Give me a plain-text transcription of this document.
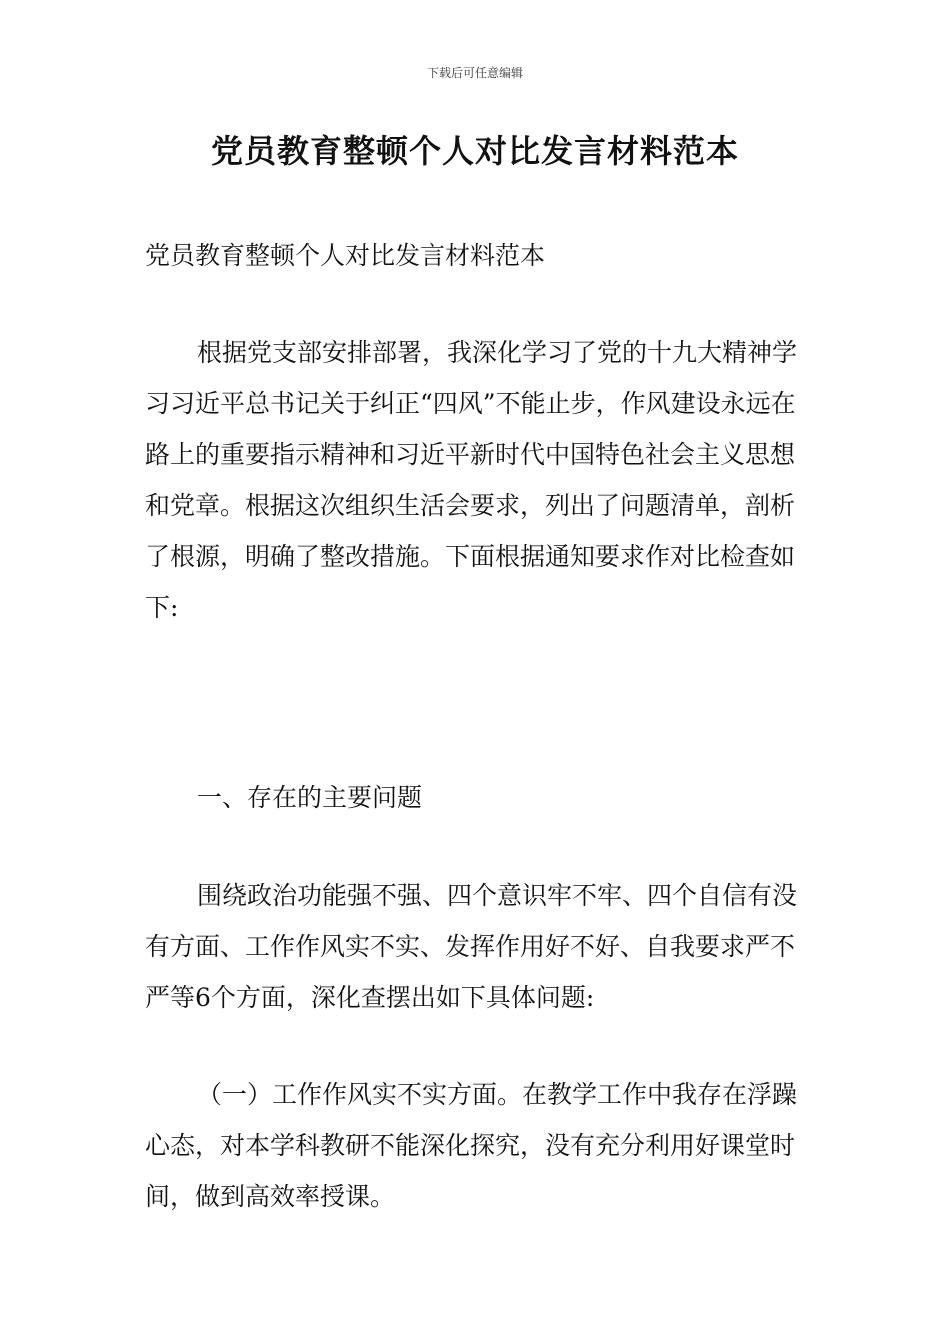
下载后可任意编辑
党员教育整顿个人对比发言材料范本
党员教育整顿个人对比发言材料范本
根据党支部安排部署，我深化学习了党的十九大精神学习习近平总书记关于纠正“四风”不能止步，作风建设永远在路上的重要指示精神和习近平新时代中国特色社会主义思想和党章。根据这次组织生活会要求，列出了问题清单，剖析了根源，明确了整改措施。下面根据通知要求作对比检查如下:
一、存在的主要问题
围绕政治功能强不强、四个意识牢不牢、四个自信有没有方面、工作作风实不实、发挥作用好不好、自我要求严不严等6个方面，深化查摆出如下具体问题:
（一）工作作风实不实方面。在教学工作中我存在浮躁心态，对本学科教研不能深化探究，没有充分利用好课堂时间，做到高效率授课。
